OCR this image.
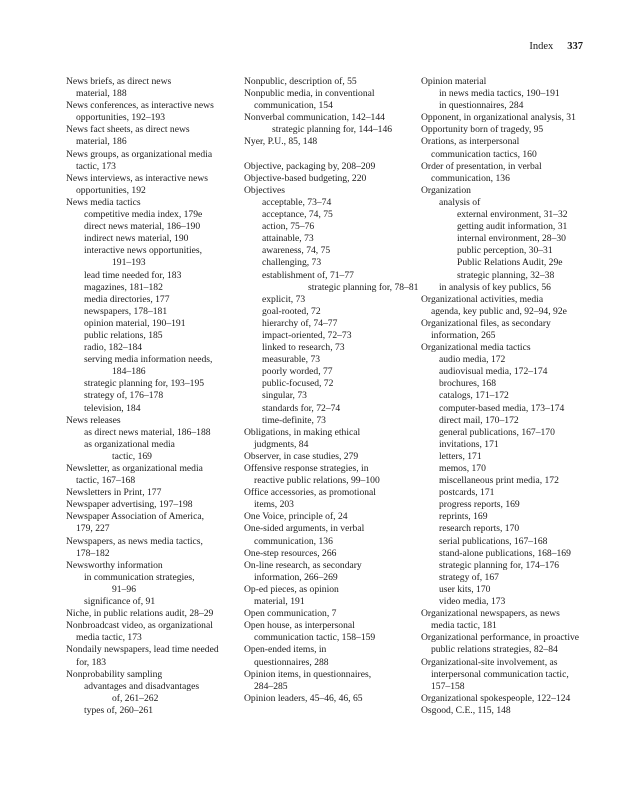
Index 337
News briefs, as direct news
material, 188
News conferences, as interactive news
opportunities, 192–193
News fact sheets, as direct news
material, 186
News groups, as organizational media
tactic, 173
News interviews, as interactive news
opportunities, 192
News media tactics
competitive media index, 179e
direct news material, 186–190
indirect news material, 190
interactive news opportunities,
191–193
lead time needed for, 183
magazines, 181–182
media directories, 177
newspapers, 178–181
opinion material, 190–191
public relations, 185
radio, 182–184
serving media information needs,
184–186
strategic planning for, 193–195
strategy of, 176–178
television, 184
News releases
as direct news material, 186–188
as organizational media
tactic, 169
Newsletter, as organizational media
tactic, 167–168
Newsletters in Print, 177
Newspaper advertising, 197–198
Newspaper Association of America,
179, 227
Newspapers, as news media tactics,
178–182
Newsworthy information
in communication strategies,
91–96
significance of, 91
Niche, in public relations audit, 28–29
Nonbroadcast video, as organizational
media tactic, 173
Nondaily newspapers, lead time needed
for, 183
Nonprobability sampling
advantages and disadvantages
of, 261–262
types of, 260–261
Nonpublic, description of, 55
Nonpublic media, in conventional
communication, 154
Nonverbal communication, 142–144
strategic planning for, 144–146
Nyer, P.U., 85, 148
Objective, packaging by, 208–209
Objective-based budgeting, 220
Objectives
acceptable, 73–74
acceptance, 74, 75
action, 75–76
attainable, 73
awareness, 74, 75
challenging, 73
establishment of, 71–77
strategic planning for, 78–81
explicit, 73
goal-rooted, 72
hierarchy of, 74–77
impact-oriented, 72–73
linked to research, 73
measurable, 73
poorly worded, 77
public-focused, 72
singular, 73
standards for, 72–74
time-definite, 73
Obligations, in making ethical
judgments, 84
Observer, in case studies, 279
Offensive response strategies, in
reactive public relations, 99–100
Office accessories, as promotional
items, 203
One Voice, principle of, 24
One-sided arguments, in verbal
communication, 136
One-step resources, 266
On-line research, as secondary
information, 266–269
Op-ed pieces, as opinion
material, 191
Open communication, 7
Open house, as interpersonal
communication tactic, 158–159
Open-ended items, in
questionnaires, 288
Opinion items, in questionnaires,
284–285
Opinion leaders, 45–46, 46, 65
Opinion material
in news media tactics, 190–191
in questionnaires, 284
Opponent, in organizational analysis, 31
Opportunity born of tragedy, 95
Orations, as interpersonal
communication tactics, 160
Order of presentation, in verbal
communication, 136
Organization
analysis of
external environment, 31–32
getting audit information, 31
internal environment, 28–30
public perception, 30–31
Public Relations Audit, 29e
strategic planning, 32–38
in analysis of key publics, 56
Organizational activities, media
agenda, key public and, 92–94, 92e
Organizational files, as secondary
information, 265
Organizational media tactics
audio media, 172
audiovisual media, 172–174
brochures, 168
catalogs, 171–172
computer-based media, 173–174
direct mail, 170–172
general publications, 167–170
invitations, 171
letters, 171
memos, 170
miscellaneous print media, 172
postcards, 171
progress reports, 169
reprints, 169
research reports, 170
serial publications, 167–168
stand-alone publications, 168–169
strategic planning for, 174–176
strategy of, 167
user kits, 170
video media, 173
Organizational newspapers, as news
media tactic, 181
Organizational performance, in proactive
public relations strategies, 82–84
Organizational-site involvement, as
interpersonal communication tactic,
157–158
Organizational spokespeople, 122–124
Osgood, C.E., 115, 148
